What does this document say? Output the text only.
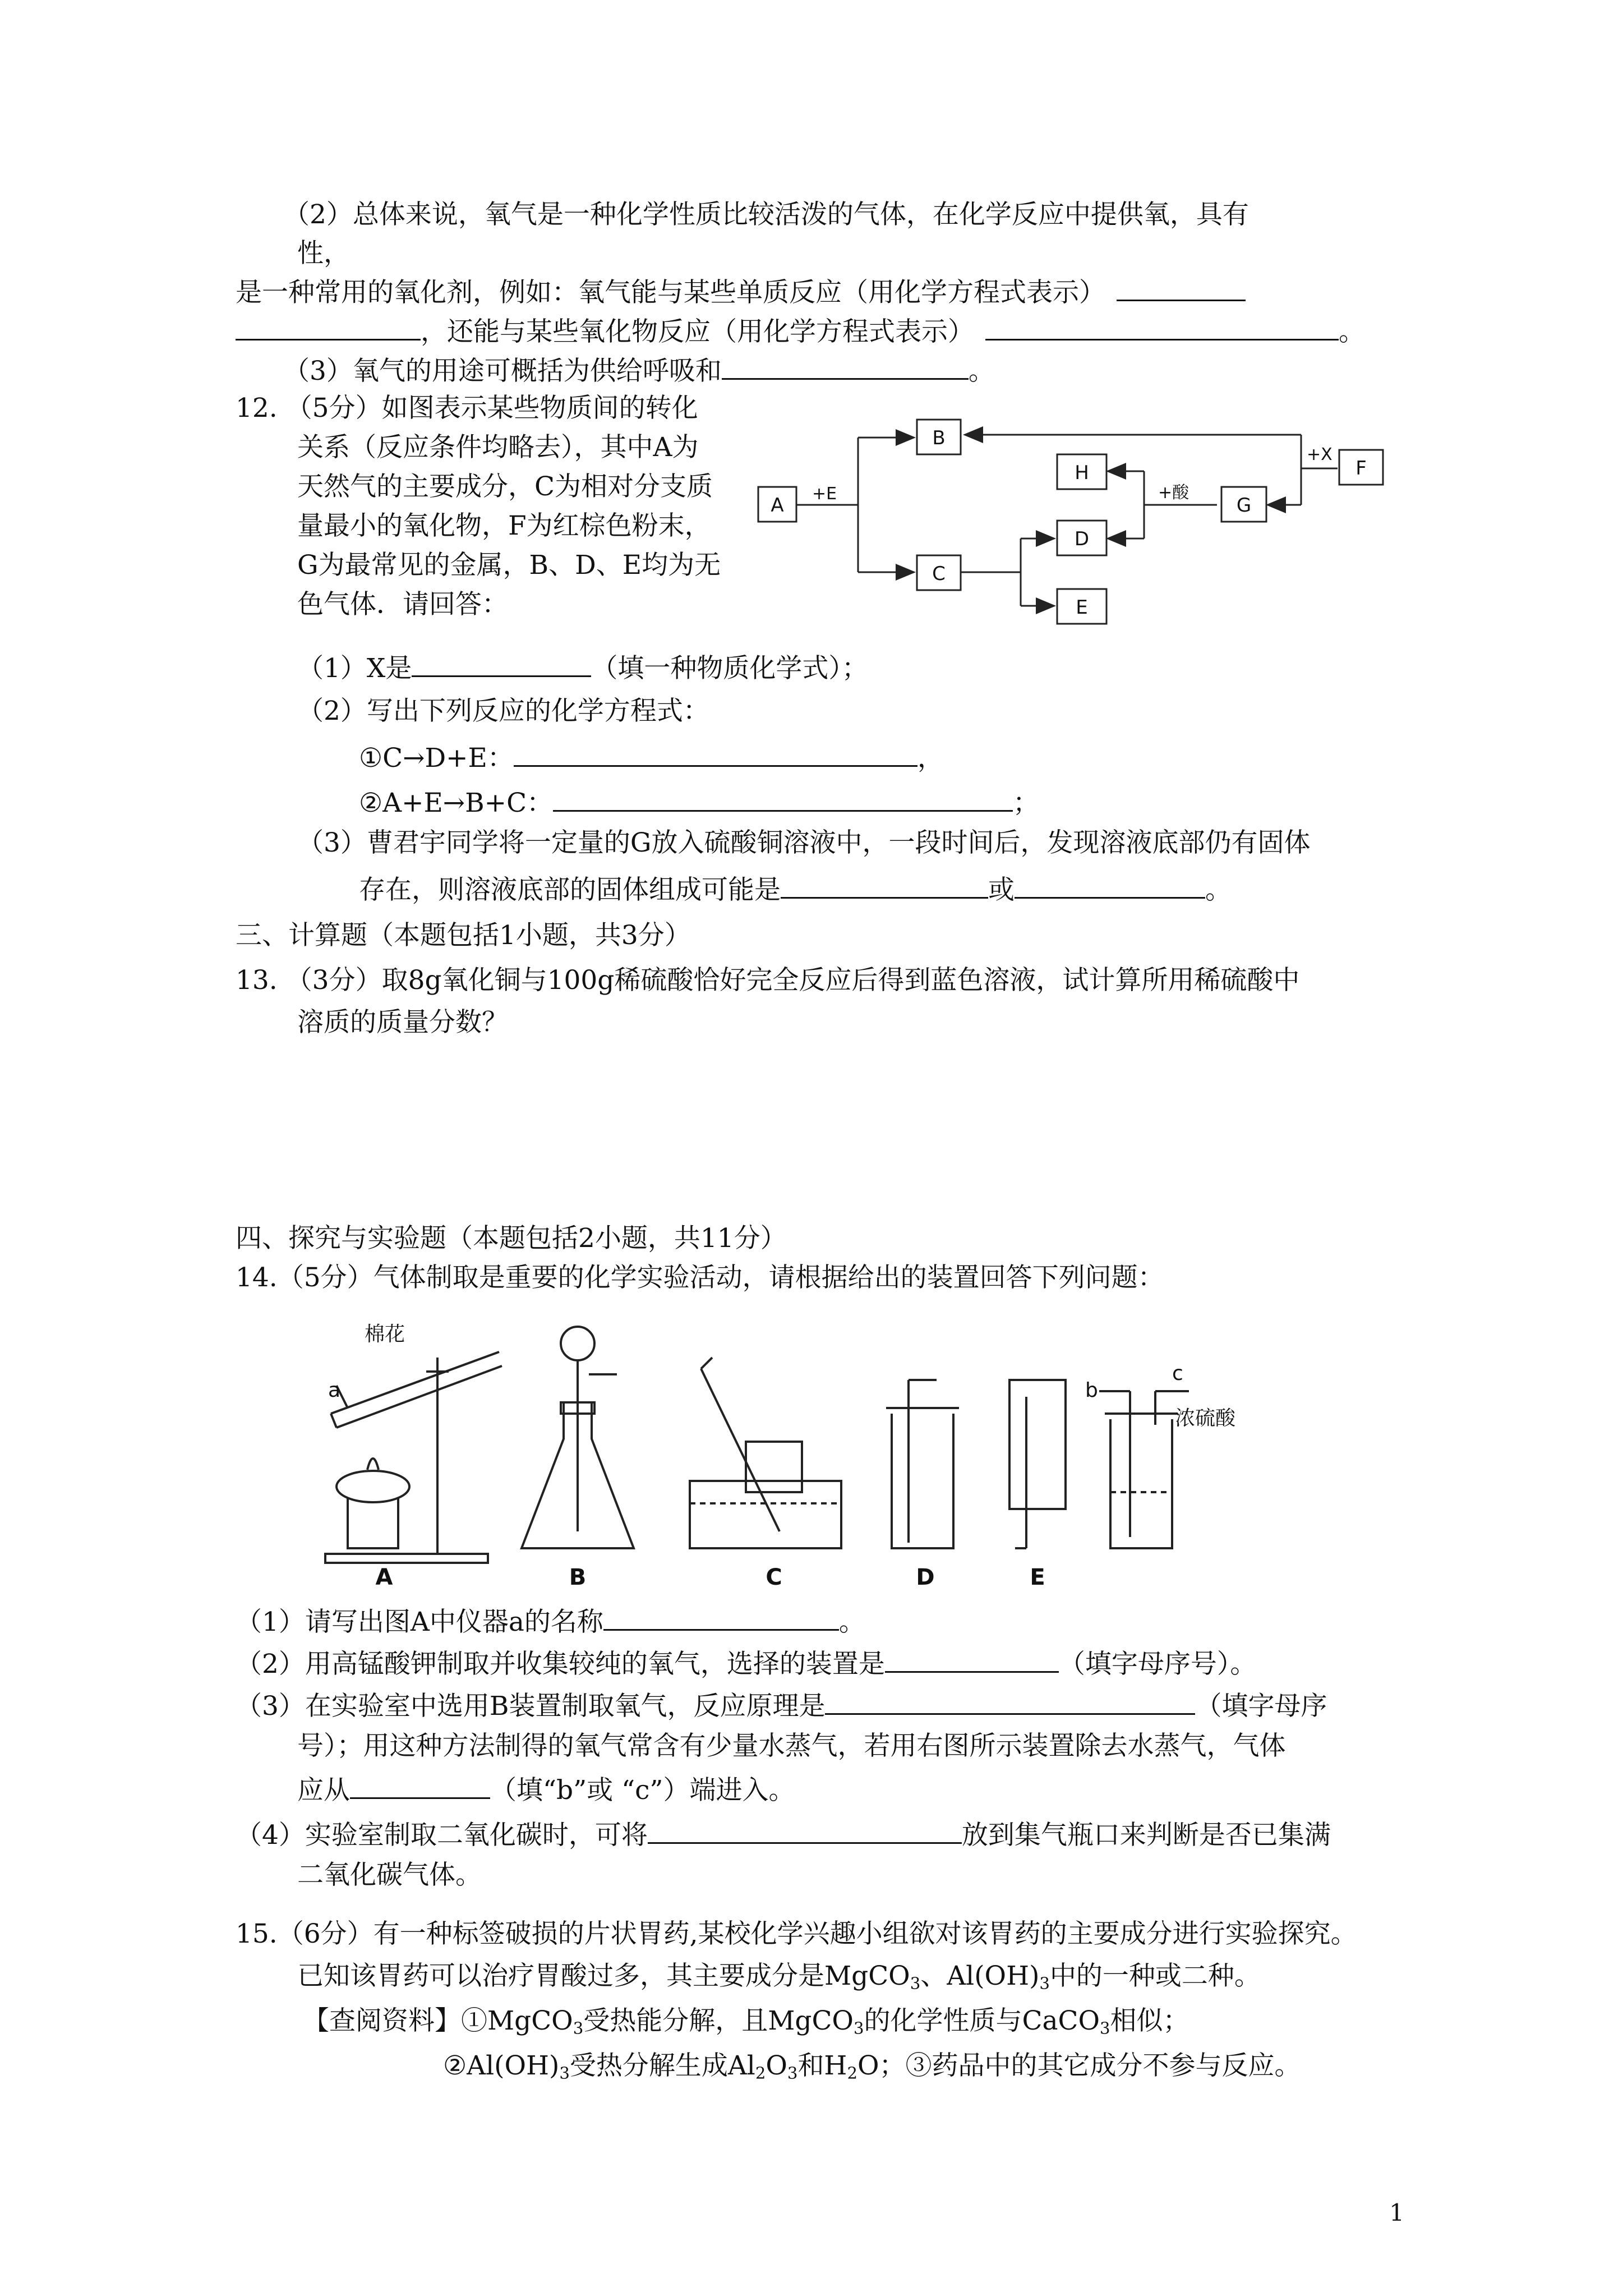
（2）总体来说，氧气是一种化学性质比较活泼的气体，在化学反应中提供氧，具有
性，
是一种常用的氧化剂，例如：氧气能与某些单质反应（用化学方程式表示）
，还能与某些氧化物反应（用化学方程式表示）	。
（3）氧气的用途可概括为供给呼吸和	。
12. （5分）如图表示某些物质间的转化
关系（反应条件均略去），其中A为
天然气的主要成分，C为相对分支质
量最小的氧化物，F为红棕色粉末，
G为最常见的金属，B、D、E均为无
色气体．请回答：
A
B
C
D
E
F
G
H
+E
+X
+酸
（1）X是	（填一种物质化学式）；
（2）写出下列反应的化学方程式：
①C→D+E：	，
②A+E→B+C：	；
（3）曹君宇同学将一定量的G放入硫酸铜溶液中，一段时间后，发现溶液底部仍有固体
存在，则溶液底部的固体组成可能是	或	。
三、计算题（本题包括1小题，共3分）
13. （3分）取8g氧化铜与100g稀硫酸恰好完全反应后得到蓝色溶液，试计算所用稀硫酸中
溶质的质量分数？
四、探究与实验题（本题包括2小题，共11分）
14.（5分）气体制取是重要的化学实验活动，请根据给出的装置回答下列问题：
棉花
a	b
c
浓硫酸
A	B	C	D	E
（1）请写出图A中仪器a的名称	。
（2）用高锰酸钾制取并收集较纯的氧气，选择的装置是	（填字母序号）。
（3）在实验室中选用B装置制取氧气，反应原理是	（填字母序
号）；用这种方法制得的氧气常含有少量水蒸气，若用右图所示装置除去水蒸气，气体
应从	（填“b”或 “c”）端进入。
（4）实验室制取二氧化碳时，可将	放到集气瓶口来判断是否已集满
二氧化碳气体。
15.（6分）有一种标签破损的片状胃药,某校化学兴趣小组欲对该胃药的主要成分进行实验探究。
已知该胃药可以治疗胃酸过多，其主要成分是MgCO$_3$、$Al(OH)_3$中的一种或二种。
【查阅资料】①MgCO$_3$受热能分解，且MgCO$_3$的化学性质与CaCO$_3$相似；
$②Al(OH)_3$受热分解生成$Al_2O_3$和$H_2O$；③药品中的其它成分不参与反应。
1
